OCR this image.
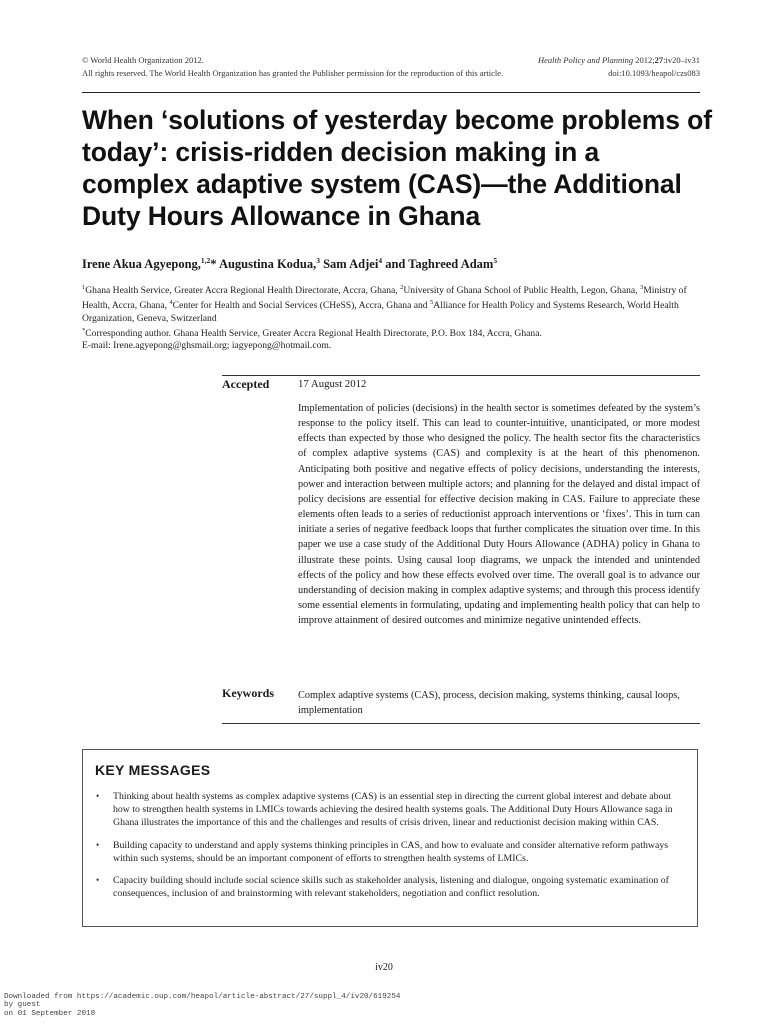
© World Health Organization 2012.
All rights reserved. The World Health Organization has granted the Publisher permission for the reproduction of this article.
Health Policy and Planning 2012;27:iv20–iv31
doi:10.1093/heapol/czs083
When ‘solutions of yesterday become problems of today’: crisis-ridden decision making in a complex adaptive system (CAS)—the Additional Duty Hours Allowance in Ghana
Irene Akua Agyepong,$^{1,2}$* Augustina Kodua,$^3$ Sam Adjei$^4$ and Taghreed Adam$^5$
$^1$Ghana Health Service, Greater Accra Regional Health Directorate, Accra, Ghana, $^2$University of Ghana School of Public Health, Legon, Ghana, $^3$Ministry of Health, Accra, Ghana, $^4$Center for Health and Social Services (CHeSS), Accra, Ghana and $^5$Alliance for Health Policy and Systems Research, World Health Organization, Geneva, Switzerland
*Corresponding author. Ghana Health Service, Greater Accra Regional Health Directorate, P.O. Box 184, Accra, Ghana.
E-mail: Irene.agyepong@ghsmail.org; iagyepong@hotmail.com.
Accepted	17 August 2012
Implementation of policies (decisions) in the health sector is sometimes defeated by the system’s response to the policy itself. This can lead to counter-intuitive, unanticipated, or more modest effects than expected by those who designed the policy. The health sector fits the characteristics of complex adaptive systems (CAS) and complexity is at the heart of this phenomenon. Anticipating both positive and negative effects of policy decisions, understanding the interests, power and interaction between multiple actors; and planning for the delayed and distal impact of policy decisions are essential for effective decision making in CAS. Failure to appreciate these elements often leads to a series of reductionist approach interventions or ‘fixes’. This in turn can initiate a series of negative feedback loops that further complicates the situation over time. In this paper we use a case study of the Additional Duty Hours Allowance (ADHA) policy in Ghana to illustrate these points. Using causal loop diagrams, we unpack the intended and unintended effects of the policy and how these effects evolved over time. The overall goal is to advance our understanding of decision making in complex adaptive systems; and through this process identify some essential elements in formulating, updating and implementing health policy that can help to improve attainment of desired outcomes and minimize negative unintended effects.
Keywords Complex adaptive systems (CAS), process, decision making, systems thinking, causal loops, implementation
KEY MESSAGES
• Thinking about health systems as complex adaptive systems (CAS) is an essential step in directing the current global interest and debate about how to strengthen health systems in LMICs towards achieving the desired health systems goals. The Additional Duty Hours Allowance saga in Ghana illustrates the importance of this and the challenges and results of crisis driven, linear and reductionist decision making within CAS.
• Building capacity to understand and apply systems thinking principles in CAS, and how to evaluate and consider alternative reform pathways within such systems, should be an important component of efforts to strengthen health systems of LMICs.
• Capacity building should include social science skills such as stakeholder analysis, listening and dialogue, ongoing systematic examination of consequences, inclusion of and brainstorming with relevant stakeholders, negotiation and conflict resolution.
iv20
Downloaded from https://academic.oup.com/heapol/article-abstract/27/suppl_4/iv20/619254
by guest
on 01 September 2018
